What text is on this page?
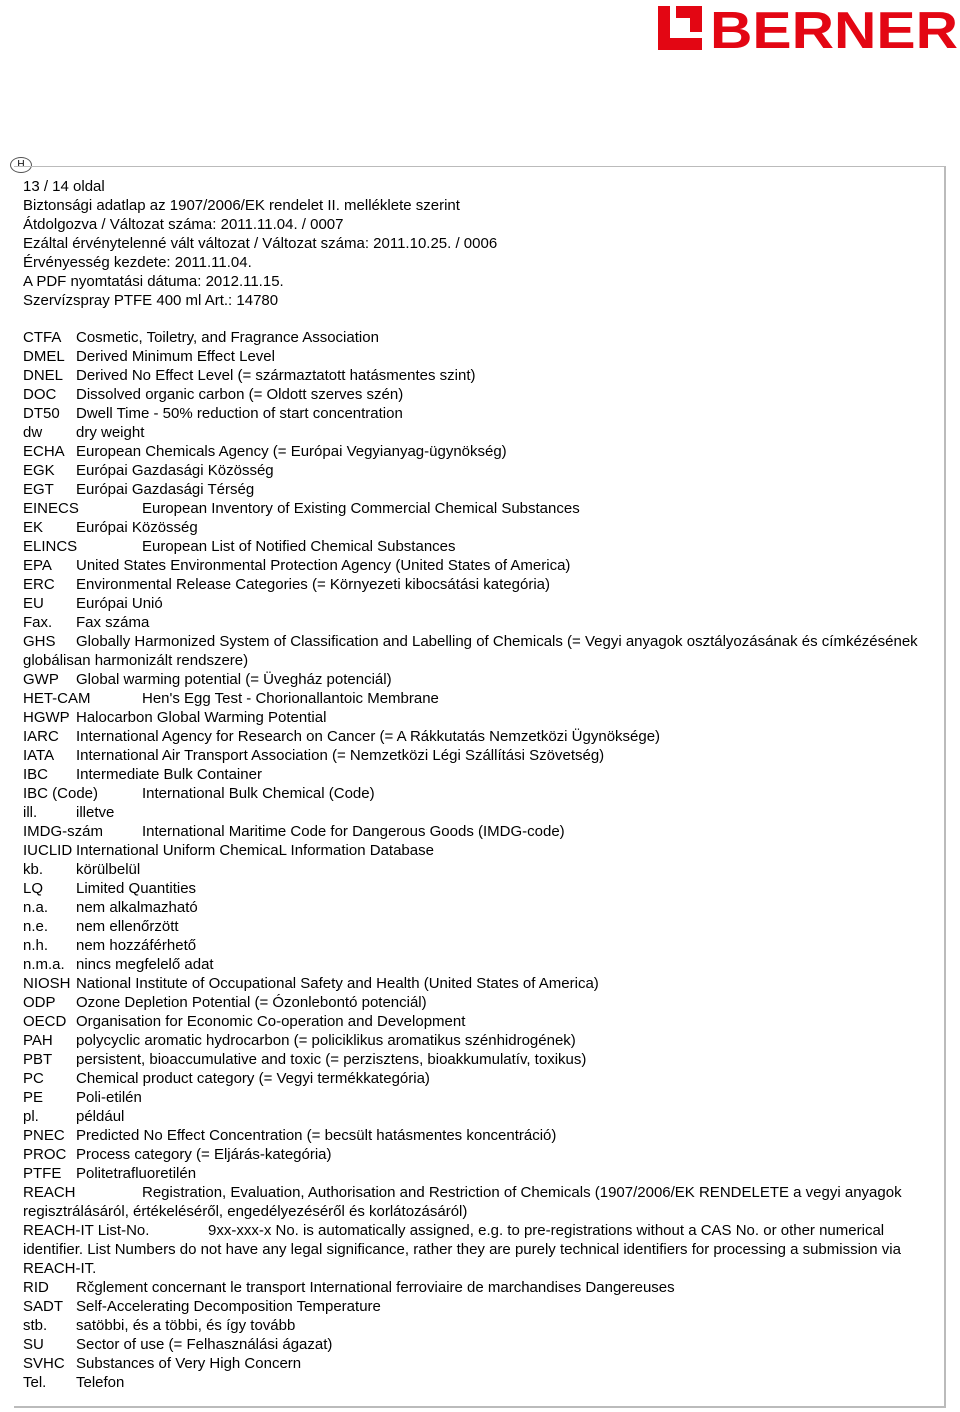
BERNER
H
13 / 14 oldal
Biztonsági adatlap az 1907/2006/EK rendelet II. melléklete szerint
Átdolgozva / Változat száma: 2011.11.04. / 0007
Ezáltal érvénytelenné vált változat / Változat száma: 2011.10.25. / 0006
Érvényesség kezdete: 2011.11.04.
A PDF nyomtatási dátuma: 2012.11.15.
Szervízspray PTFE 400 ml Art.: 14780
CTFA Cosmetic, Toiletry, and Fragrance Association
DMEL Derived Minimum Effect Level
DNEL Derived No Effect Level (= származtatott hatásmentes szint)
DOC Dissolved organic carbon (= Oldott szerves szén)
DT50 Dwell Time - 50% reduction of start concentration
dw dry weight
ECHA European Chemicals Agency (= Európai Vegyianyag-ügynökség)
EGK Európai Gazdasági Közösség
EGT Európai Gazdasági Térség
EINECS	European Inventory of Existing Commercial Chemical Substances
EK Európai Közösség
ELINCS	European List of Notified Chemical Substances
EPA United States Environmental Protection Agency (United States of America)
ERC Environmental Release Categories (= Környezeti kibocsátási kategória)
EU Európai Unió
Fax. Fax száma
GHS Globally Harmonized System of Classification and Labelling of Chemicals (= Vegyi anyagok osztályozásának és címkézésének globálisan harmonizált rendszere)
GWP Global warming potential (= Üvegház potenciál)
HET-CAM	Hen's Egg Test - Chorionallantoic Membrane
HGWP Halocarbon Global Warming Potential
IARC International Agency for Research on Cancer (= A Rákkutatás Nemzetközi Ügynöksége)
IATA International Air Transport Association (= Nemzetközi Légi Szállítási Szövetség)
IBC Intermediate Bulk Container
IBC (Code)	International Bulk Chemical (Code)
ill.	illetve
IMDG-szám	International Maritime Code for Dangerous Goods (IMDG-code)
IUCLID International Uniform ChemicaL Information Database
kb. körülbelül
LQ Limited Quantities
n.a. nem alkalmazható
n.e. nem ellenőrzött
n.h. nem hozzáférhető
n.m.a. nincs megfelelő adat
NIOSH National Institute of Occupational Safety and Health (United States of America)
ODP Ozone Depletion Potential (= Ózonlebontó potenciál)
OECD Organisation for Economic Co-operation and Development
PAH polycyclic aromatic hydrocarbon (= policiklikus aromatikus szénhidrogének)
PBT persistent, bioaccumulative and toxic (= perzisztens, bioakkumulatív, toxikus)
PC Chemical product category (= Vegyi termékkategória)
PE Poli-etilén
pl. például
PNEC Predicted No Effect Concentration (= becsült hatásmentes koncentráció)
PROC Process category (= Eljárás-kategória)
PTFE Politetrafluoretilén
REACH	Registration, Evaluation, Authorisation and Restriction of Chemicals (1907/2006/EK RENDELETE a vegyi anyagok regisztrálásáról, értékeléséről, engedélyezéséről és korlátozásáról)
REACH-IT List-No.	9xx-xxx-x No. is automatically assigned, e.g. to pre-registrations without a CAS No. or other numerical identifier. List Numbers do not have any legal significance, rather they are purely technical identifiers for processing a submission via REACH-IT.
RID Rčglement concernant le transport International ferroviaire de marchandises Dangereuses
SADT Self-Accelerating Decomposition Temperature
stb. satöbbi, és a többi, és így tovább
SU Sector of use (= Felhasználási ágazat)
SVHC Substances of Very High Concern
Tel. Telefon
